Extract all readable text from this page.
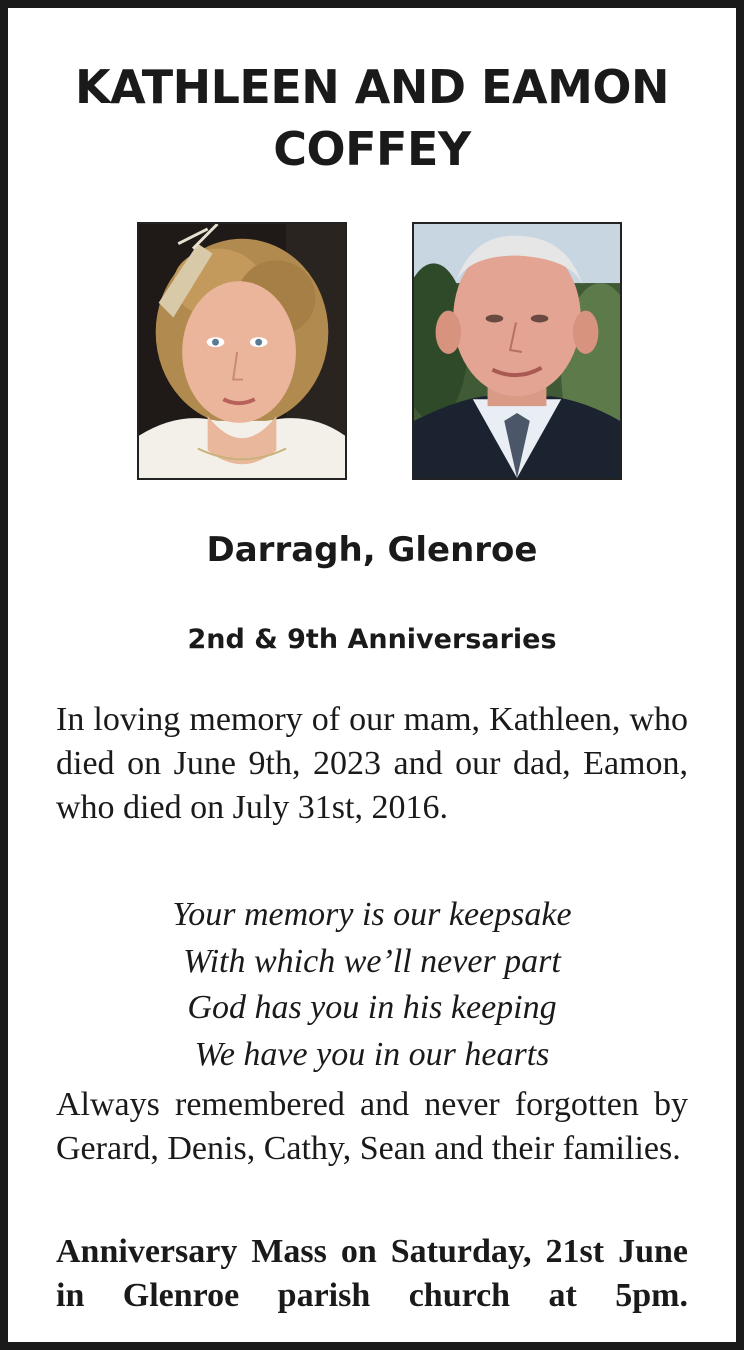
KATHLEEN AND EAMON COFFEY
Darragh, Glenroe
2nd & 9th Anniversaries
In loving memory of our mam, Kathleen, who died on June 9th, 2023 and our dad, Eamon, who died on July 31st, 2016.
Your memory is our keepsake
With which we’ll never part
God has you in his keeping
We have you in our hearts
Always remembered and never forgotten by Gerard, Denis, Cathy, Sean and their families.
Anniversary Mass on Saturday, 21st June in Glenroe parish church at 5pm.
